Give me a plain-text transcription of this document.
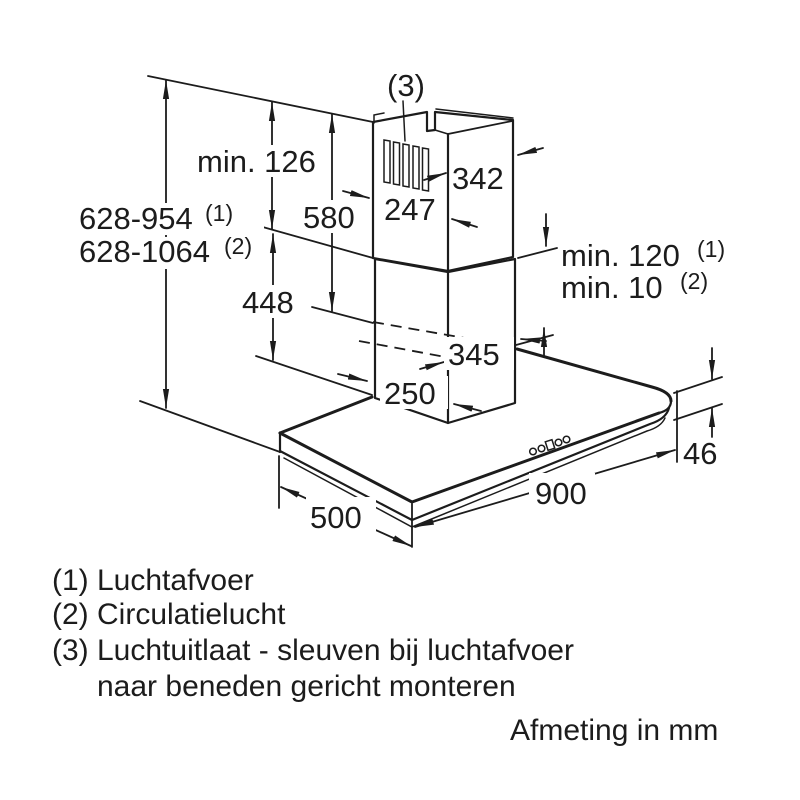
628-954 (1)
628-1064 (2)
min. 126
580
448
(3)
247
342
min. 120 (1)
min. 10 (2)
345
250
46
900
500
(1) Luchtafvoer
(2) Circulatielucht
(3) Luchtuitlaat - sleuven bij luchtafvoer
naar beneden gericht monteren
Afmeting in mm
